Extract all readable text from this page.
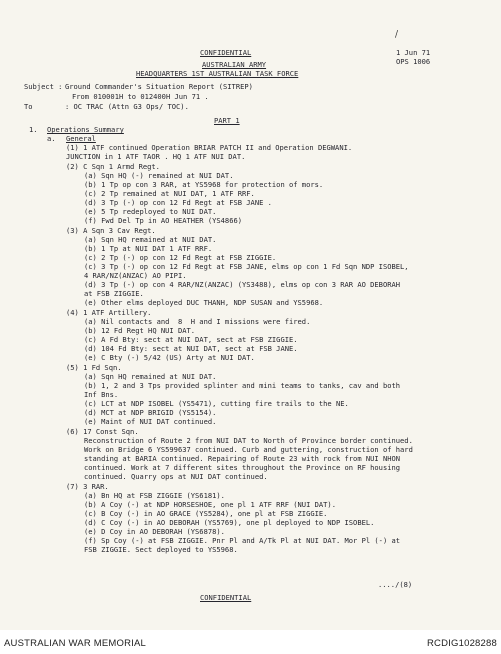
/
CONFIDENTIAL	1 Jun 71
OPS 1006
AUSTRALIAN ARMY
HEADQUARTERS 1ST AUSTRALIAN TASK FORCE
Subject : Ground Commander's Situation Report (SITREP)
From 010001H to 012400H Jun 71 .
To	: OC TRAC (Attn G3 Ops/ TOC).
PART 1
1. Operations Summary
a. General
(1) 1 ATF continued Operation BRIAR PATCH II and Operation DEGWANI.
JUNCTION in 1 ATF TAOR . HQ 1 ATF NUI DAT.
(2) C Sqn 1 Armd Regt.
(a) Sqn HQ (-) remained at NUI DAT.
(b) 1 Tp op con 3 RAR, at YS5968 for protection of mors.
(c) 2 Tp remained at NUI DAT, 1 ATF RRF.
(d) 3 Tp (-) op con 12 Fd Regt at FSB JANE .
(e) 5 Tp redeployed to NUI DAT.
(f) Fwd Del Tp in AO HEATHER (YS4866)
(3) A Sqn 3 Cav Regt.
(a) Sqn HQ remained at NUI DAT.
(b) 1 Tp at NUI DAT 1 ATF RRF.
(c) 2 Tp (-) op con 12 Fd Regt at FSB ZIGGIE.
(c) 3 Tp (-) op con 12 Fd Regt at FSB JANE, elms op con 1 Fd Sqn NDP ISOBEL,
4 RAR/NZ(ANZAC) AO PIPI.
(d) 3 Tp (-) op con 4 RAR/NZ(ANZAC) (YS3488), elms op con 3 RAR AO DEBORAH
at FSB ZIGGIE.
(e) Other elms deployed DUC THANH, NDP SUSAN and YS5968.
(4) 1 ATF Artillery.
(a) Nil contacts and  8  H and I missions were fired.
(b) 12 Fd Regt HQ NUI DAT.
(c) A Fd Bty: sect at NUI DAT, sect at FSB ZIGGIE.
(d) 104 Fd Bty: sect at NUI DAT, sect at FSB JANE.
(e) C Bty (-) 5/42 (US) Arty at NUI DAT.
(5) 1 Fd Sqn.
(a) Sqn HQ remained at NUI DAT.
(b) 1, 2 and 3 Tps provided splinter and mini teams to tanks, cav and both
Inf Bns.
(c) LCT at NDP ISOBEL (YS5471), cutting fire trails to the NE.
(d) MCT at NDP BRIGID (YS5154).
(e) Maint of NUI DAT continued.
(6) 17 Const Sqn.
Reconstruction of Route 2 from NUI DAT to North of Province border continued.
Work on Bridge 6 YS599637 continued. Curb and guttering, construction of hard
standing at BARIA continued. Repairing of Route 23 with rock from NUI NHON
continued. Work at 7 different sites throughout the Province on RF housing
continued. Quarry ops at NUI DAT continued.
(7) 3 RAR.
(a) Bn HQ at FSB ZIGGIE (YS6181).
(b) A Coy (-) at NDP HORSESHOE, one pl 1 ATF RRF (NUI DAT).
(c) B Coy (-) in AO GRACE (YS5284), one pl at FSB ZIGGIE.
(d) C Coy (-) in AO DEBORAH (YS5769), one pl deployed to NDP ISOBEL.
(e) D Coy in AO DEBORAH (YS6878).
(f) Sp Coy (-) at FSB ZIGGIE. Pnr Pl and A/Tk Pl at NUI DAT. Mor Pl (-) at
FSB ZIGGIE. Sect deployed to YS5968.
..../(8)
CONFIDENTIAL
AUSTRALIAN WAR MEMORIAL	RCDIG1028288
